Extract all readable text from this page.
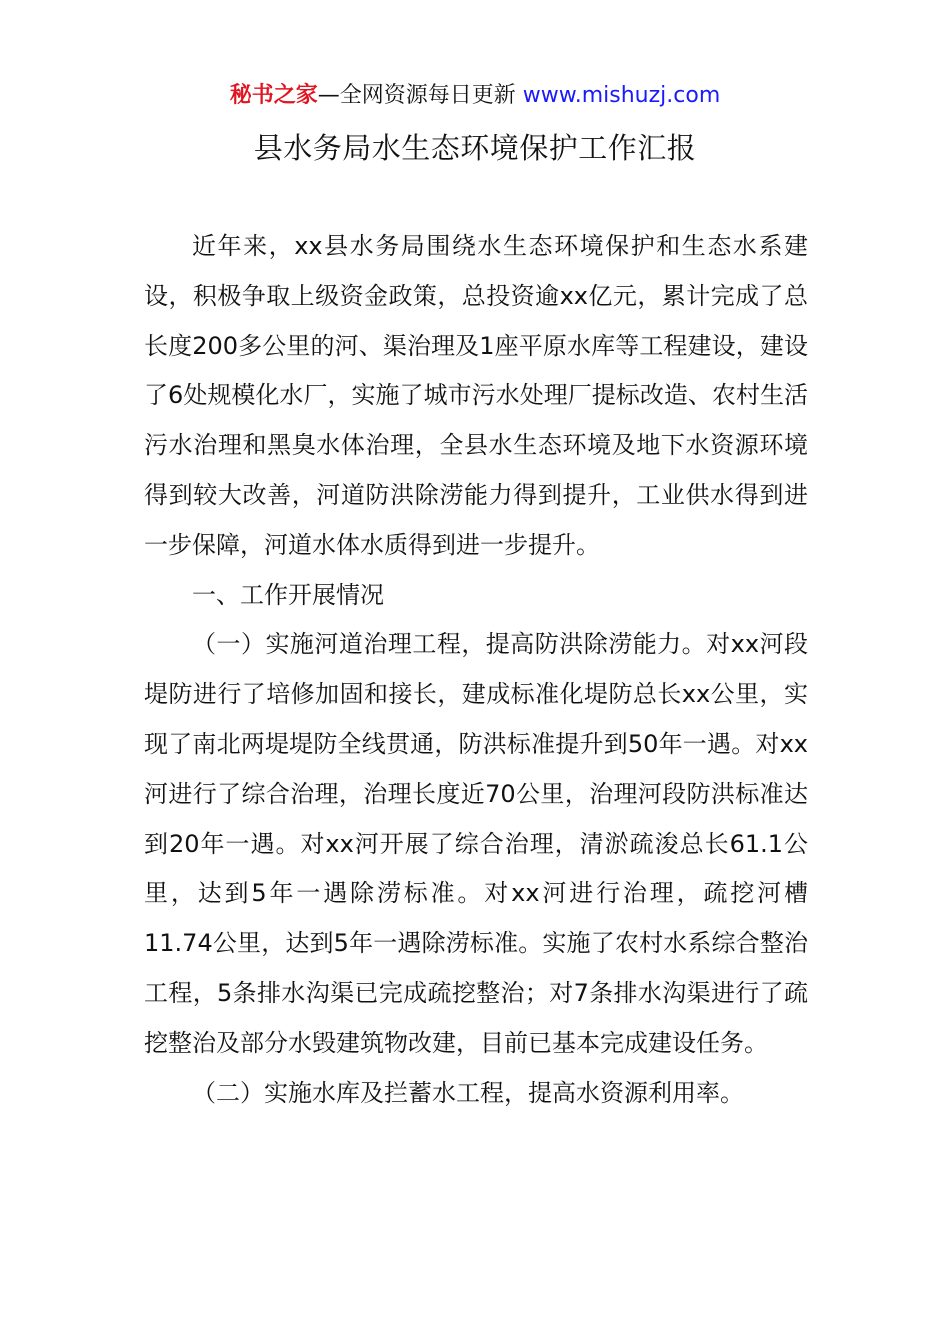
秘书之家—全网资源每日更新 www.mishuzj.com
县水务局水生态环境保护工作汇报

近年来，xx县水务局围绕水生态环境保护和生态水系建设，积极争取上级资金政策，总投资逾xx亿元，累计完成了总长度200多公里的河、渠治理及1座平原水库等工程建设，建设了6处规模化水厂，实施了城市污水处理厂提标改造、农村生活污水治理和黑臭水体治理，全县水生态环境及地下水资源环境得到较大改善，河道防洪除涝能力得到提升，工业供水得到进一步保障，河道水体水质得到进一步提升。

一、工作开展情况

（一）实施河道治理工程，提高防洪除涝能力。对xx河段堤防进行了培修加固和接长，建成标准化堤防总长xx公里，实现了南北两堤堤防全线贯通，防洪标准提升到50年一遇。对xx河进行了综合治理，治理长度近70公里，治理河段防洪标准达到20年一遇。对xx河开展了综合治理，清淤疏浚总长61.1公里，达到5年一遇除涝标准。对xx河进行治理，疏挖河槽11.74公里，达到5年一遇除涝标准。实施了农村水系综合整治工程，5条排水沟渠已完成疏挖整治；对7条排水沟渠进行了疏挖整治及部分水毁建筑物改建，目前已基本完成建设任务。

（二）实施水库及拦蓄水工程，提高水资源利用率。
